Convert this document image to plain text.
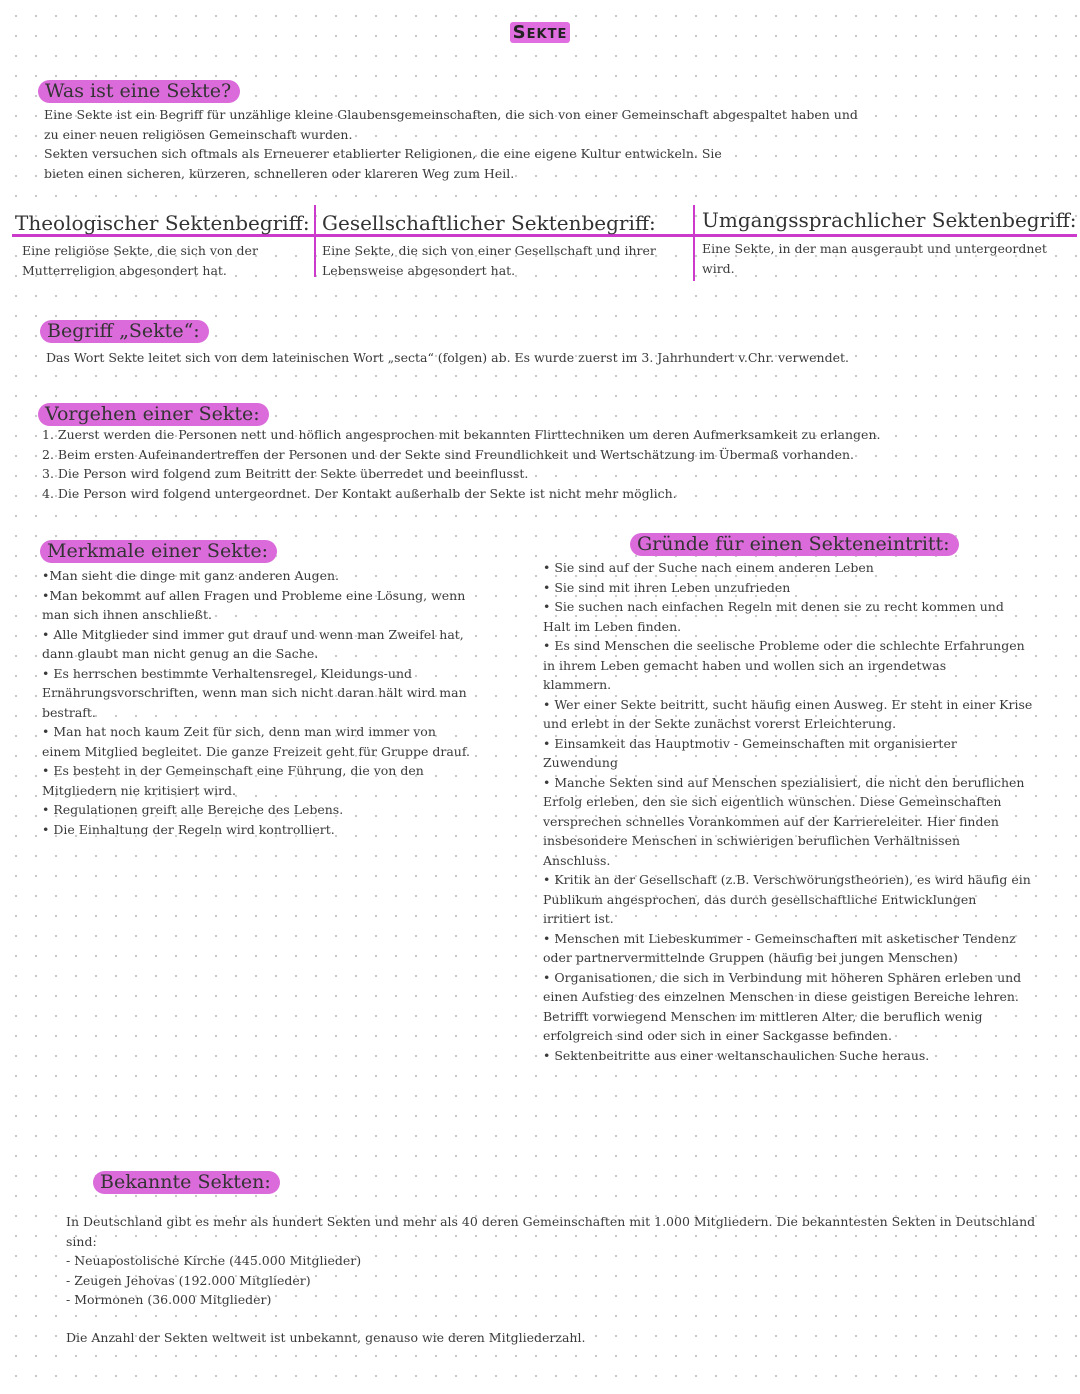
Sekte
Was ist eine Sekte?
Eine Sekte ist ein Begriff für unzählige kleine Glaubensgemeinschaften, die sich von einer Gemeinschaft abgespaltet haben und
zu einer neuen religiösen Gemeinschaft wurden.
Sekten versuchen sich oftmals als Erneuerer etablierter Religionen, die eine eigene Kultur entwickeln. Sie
bieten einen sicheren, kürzeren, schnelleren oder klareren Weg zum Heil.
Theologischer Sektenbegriff:
Eine religiöse Sekte, die sich von der
Mutterreligion abgesondert hat.
Gesellschaftlicher Sektenbegriff:
Eine Sekte, die sich von einer Gesellschaft und ihrer
Lebensweise abgesondert hat.
Umgangssprachlicher Sektenbegriff:
Eine Sekte, in der man ausgeraubt und untergeordnet wird.
Begriff „Sekte“:
Das Wort Sekte leitet sich von dem lateinischen Wort „secta“ (folgen) ab. Es wurde zuerst im 3. Jahrhundert v.Chr. verwendet.
Vorgehen einer Sekte:
1. Zuerst werden die Personen nett und höflich angesprochen mit bekannten Flirttechniken um deren Aufmerksamkeit zu erlangen.
2. Beim ersten Aufeinandertreffen der Personen und der Sekte sind Freundlichkeit und Wertschätzung im Übermaß vorhanden.
3. Die Person wird folgend zum Beitritt der Sekte überredet und beeinflusst.
4. Die Person wird folgend untergeordnet. Der Kontakt außerhalb der Sekte ist nicht mehr möglich.
Merkmale einer Sekte:
•Man sieht die dinge mit ganz anderen Augen.
•Man bekommt auf allen Fragen und Probleme eine Lösung, wenn
man sich ihnen anschließt.
• Alle Mitglieder sind immer gut drauf und wenn man Zweifel hat,
dann glaubt man nicht genug an die Sache.
• Es herrschen bestimmte Verhaltensregel, Kleidungs-und
Ernährungsvorschriften, wenn man sich nicht daran hält wird man
bestraft.
• Man hat noch kaum Zeit für sich, denn man wird immer von
einem Mitglied begleitet. Die ganze Freizeit geht für Gruppe drauf.
• Es besteht in der Gemeinschaft eine Führung, die von den
Mitgliedern nie kritisiert wird.
• Regulationen greift alle Bereiche des Lebens.
• Die Einhaltung der Regeln wird kontrolliert.
Gründe für einen Sekteneintritt:
• Sie sind auf der Suche nach einem anderen Leben
• Sie sind mit ihren Leben unzufrieden
• Sie suchen nach einfachen Regeln mit denen sie zu recht kommen und
Halt im Leben finden.
• Es sind Menschen die seelische Probleme oder die schlechte Erfahrungen
in ihrem Leben gemacht haben und wollen sich an irgendetwas
klammern.
• Wer einer Sekte beitritt, sucht häufig einen Ausweg. Er steht in einer Krise
und erlebt in der Sekte zunächst vorerst Erleichterung.
• Einsamkeit das Hauptmotiv - Gemeinschaften mit organisierter
Zuwendung
• Manche Sekten sind auf Menschen spezialisiert, die nicht den beruflichen
Erfolg erleben, den sie sich eigentlich wünschen. Diese Gemeinschaften
versprechen schnelles Vorankommen auf der Karriereleiter. Hier finden
insbesondere Menschen in schwierigen beruflichen Verhältnissen
Anschluss.
• Kritik an der Gesellschaft (z.B. Verschwörungstheorien), es wird häufig ein
Publikum angesprochen, das durch gesellschaftliche Entwicklungen
irritiert ist.
• Menschen mit Liebeskummer - Gemeinschaften mit asketischer Tendenz
oder partnervermittelnde Gruppen (häufig bei jungen Menschen)
• Organisationen, die sich in Verbindung mit höheren Sphären erleben und
einen Aufstieg des einzelnen Menschen in diese geistigen Bereiche lehren.
Betrifft vorwiegend Menschen im mittleren Alter, die beruflich wenig
erfolgreich sind oder sich in einer Sackgasse befinden.
• Sektenbeitritte aus einer weltanschaulichen Suche heraus.
Bekannte Sekten:
In Deutschland gibt es mehr als hundert Sekten und mehr als 40 deren Gemeinschaften mit 1.000 Mitgliedern. Die bekanntesten Sekten in Deutschland
sind:
- Neuapostolische Kirche (445.000 Mitglieder)
- Zeugen Jehovas (192.000 Mitglieder)
- Mormonen (36.000 Mitglieder)
Die Anzahl der Sekten weltweit ist unbekannt, genauso wie deren Mitgliederzahl.
